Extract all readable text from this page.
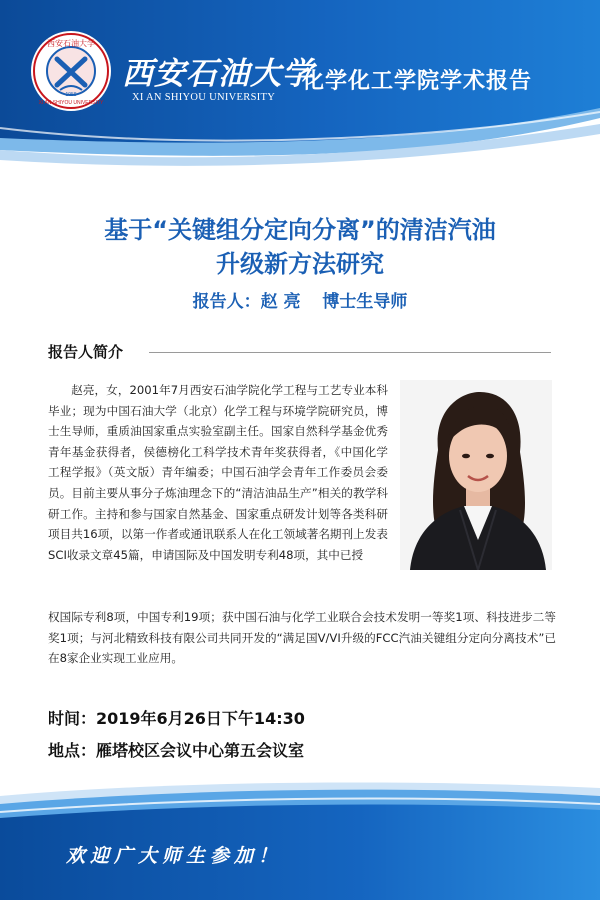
西安石油大学
XI AN SHIYOU UNIVERSITY
1958
西安石油大学
XI AN SHIYOU UNIVERSITY
化学化工学院学术报告
基于“关键组分定向分离”的清洁汽油
升级新方法研究
报告人：赵 亮 博士生导师
报告人简介

赵亮，女，2001年7月西安石油学院化学工程与工艺专业本科毕业；现为中国石油大学（北京）化学工程与环境学院研究员，博士生导师，重质油国家重点实验室副主任。国家自然科学基金优秀青年基金获得者，侯德榜化工科学技术青年奖获得者，《中国化学工程学报》（英文版）青年编委；中国石油学会青年工作委员会委员。目前主要从事分子炼油理念下的“清洁油品生产”相关的教学科研工作。主持和参与国家自然基金、国家重点研发计划等各类科研项目共16项，以第一作者或通讯联系人在化工领域著名期刊上发表SCI收录文章45篇，申请国际及中国发明专利48项，其中已授

权国际专利8项，中国专利19项；获中国石油与化学工业联合会技术发明一等奖1项、科技进步二等奖1项；与河北精致科技有限公司共同开发的“满足国V/VI升级的FCC汽油关键组分定向分离技术”已在8家企业实现工业应用。

时间：2019年6月26日下午14:30
地点：雁塔校区会议中心第五会议室
欢迎广大师生参加！
